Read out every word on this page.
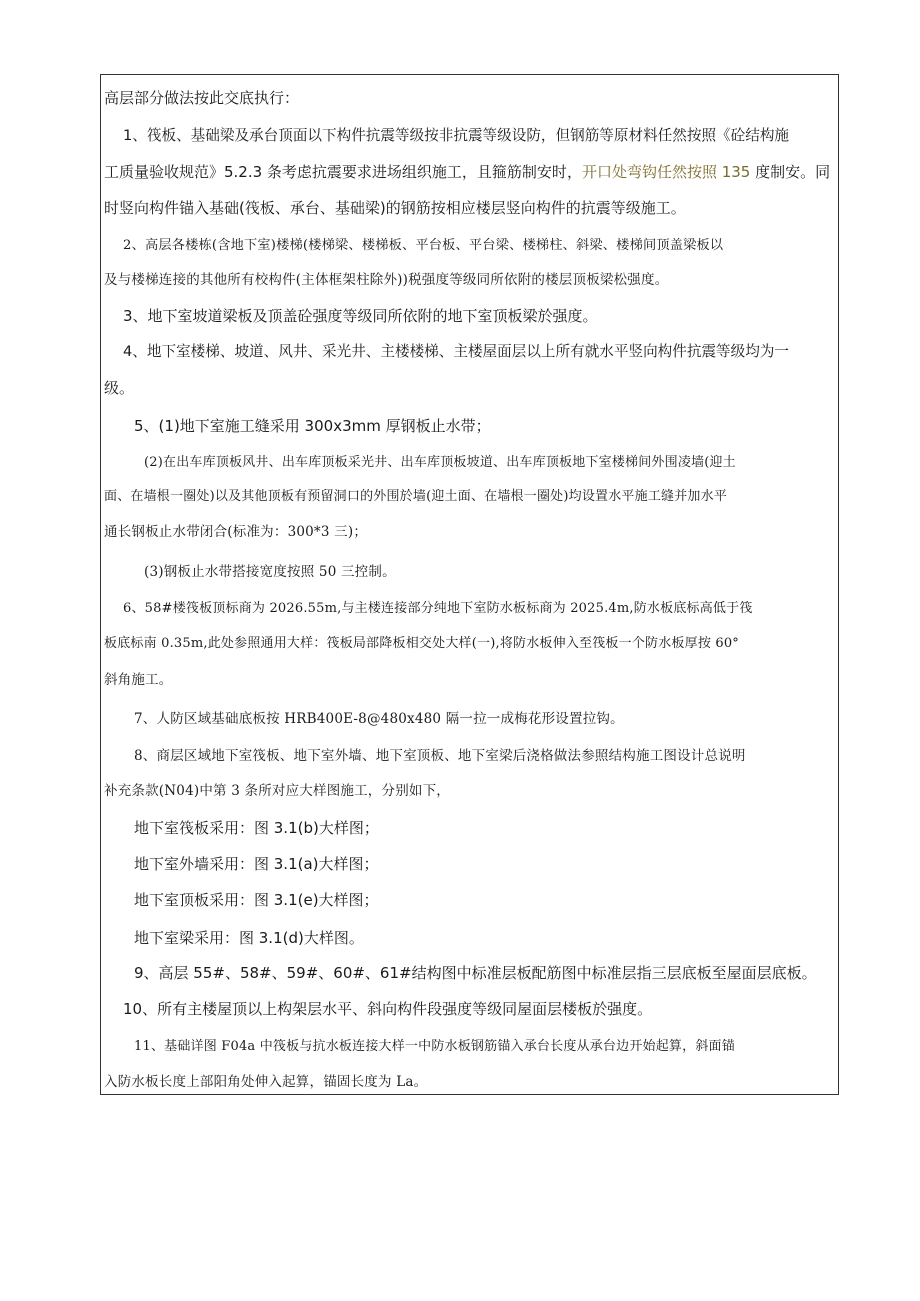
高层部分做法按此交底执行：
1、筏板、基础梁及承台顶面以下构件抗震等级按非抗震等级设防，但钢筋等原材料任然按照《砼结构施
工质量验收规范》5.2.3 条考虑抗震要求进场组织施工，且箍筋制安时，开口处弯钩任然按照 135 度制安。同
时竖向构件锚入基础(筏板、承台、基础梁)的钢筋按相应楼层竖向构件的抗震等级施工。
2、高层各楼栋(含地下室)楼梯(楼梯梁、楼梯板、平台板、平台梁、楼梯柱、斜梁、楼梯间顶盖梁板以
及与楼梯连接的其他所有校构件(主体框架柱除外))税强度等级同所依附的楼层顶板梁松强度。
3、地下室坡道梁板及顶盖砼强度等级同所依附的地下室顶板梁於强度。
4、地下室楼梯、坡道、风井、采光井、主楼楼梯、主楼屋面层以上所有就水平竖向构件抗震等级均为一
级。
5、(1)地下室施工缝采用 300x3mm 厚钢板止水带；
(2)在出车库顶板风井、出车库顶板采光井、出车库顶板坡道、出车库顶板地下室楼梯间外围凌墙(迎土
面、在墙根一圈处)以及其他顶板有预留洞口的外围於墙(迎土面、在墙根一圈处)均设置水平施工缝并加水平
通长钢板止水带闭合(标准为：300*3 三)；
(3)钢板止水带搭接宽度按照 50 三控制。
6、58#楼筏板顶标商为 2026.55m,与主楼连接部分纯地下室防水板标商为 2025.4m,防水板底标高低于筏
板底标南 0.35m,此处参照通用大样：筏板局部降板相交处大样(一),将防水板伸入至筏板一个防水板厚按 60°
斜角施工。
7、人防区域基础底板按 HRB400E-8@480x480 隔一拉一成梅花形设置拉钩。
8、商层区域地下室筏板、地下室外墙、地下室顶板、地下室梁后浇格做法参照结构施工图设计总说明
补充条款(N04)中第 3 条所对应大样图施工，分别如下，
地下室筏板采用：图 3.1(b)大样图；
地下室外墙采用：图 3.1(a)大样图；
地下室顶板采用：图 3.1(e)大样图；
地下室梁采用：图 3.1(d)大样图。
9、高层 55#、58#、59#、60#、61#结构图中标准层板配筋图中标准层指三层底板至屋面层底板。
10、所有主楼屋顶以上构架层水平、斜向构件段强度等级同屋面层楼板於强度。
11、基础详图 F04a 中筏板与抗水板连接大样一中防水板钢筋锚入承台长度从承台边开始起算，斜面锚
入防水板长度上部阳角处伸入起算，锚固长度为 La。
